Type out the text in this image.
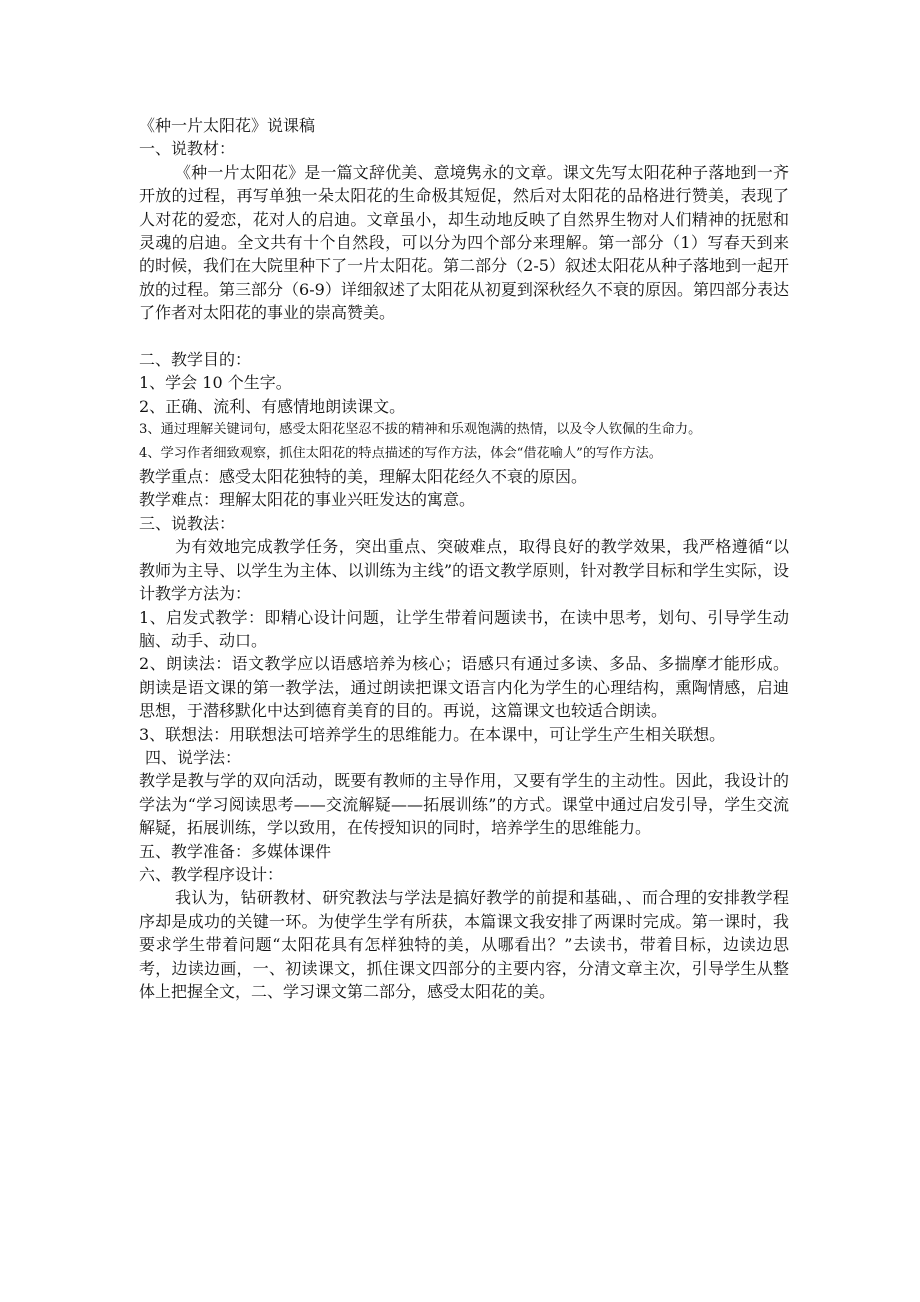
《种一片太阳花》说课稿
一、说教材：
《种一片太阳花》是一篇文辞优美、意境隽永的文章。课文先写太阳花种子落地到一齐开放的过程，再写单独一朵太阳花的生命极其短促，然后对太阳花的品格进行赞美，表现了人对花的爱恋，花对人的启迪。文章虽小，却生动地反映了自然界生物对人们精神的抚慰和灵魂的启迪。全文共有十个自然段，可以分为四个部分来理解。第一部分（1）写春天到来的时候，我们在大院里种下了一片太阳花。第二部分（2-5）叙述太阳花从种子落地到一起开放的过程。第三部分（6-9）详细叙述了太阳花从初夏到深秋经久不衰的原因。第四部分表达了作者对太阳花的事业的崇高赞美。
二、教学目的：
1、学会 10 个生字。
2、正确、流利、有感情地朗读课文。
3、通过理解关键词句，感受太阳花坚忍不拔的精神和乐观饱满的热情，以及令人钦佩的生命力。
4、学习作者细致观察，抓住太阳花的特点描述的写作方法，体会“借花喻人”的写作方法。
教学重点：感受太阳花独特的美，理解太阳花经久不衰的原因。
教学难点：理解太阳花的事业兴旺发达的寓意。
三、说教法：
为有效地完成教学任务，突出重点、突破难点，取得良好的教学效果，我严格遵循“以教师为主导、以学生为主体、以训练为主线”的语文教学原则，针对教学目标和学生实际，设计教学方法为：
1、启发式教学：即精心设计问题，让学生带着问题读书，在读中思考，划句、引导学生动脑、动手、动口。
2、朗读法：语文教学应以语感培养为核心；语感只有通过多读、多品、多揣摩才能形成。朗读是语文课的第一教学法，通过朗读把课文语言内化为学生的心理结构，熏陶情感，启迪思想，于潜移默化中达到德育美育的目的。再说，这篇课文也较适合朗读。
3、联想法：用联想法可培养学生的思维能力。在本课中，可让学生产生相关联想。
四、说学法：
教学是教与学的双向活动，既要有教师的主导作用，又要有学生的主动性。因此，我设计的学法为“学习阅读思考——交流解疑——拓展训练”的方式。课堂中通过启发引导，学生交流解疑，拓展训练，学以致用，在传授知识的同时，培养学生的思维能力。
五、教学准备：多媒体课件
六、教学程序设计：
我认为，钻研教材、研究教法与学法是搞好教学的前提和基础，、而合理的安排教学程序却是成功的关键一环。为使学生学有所获，本篇课文我安排了两课时完成。第一课时，我要求学生带着问题“太阳花具有怎样独特的美，从哪看出？”去读书，带着目标，边读边思考，边读边画，一、初读课文，抓住课文四部分的主要内容，分清文章主次，引导学生从整体上把握全文，二、学习课文第二部分，感受太阳花的美。
